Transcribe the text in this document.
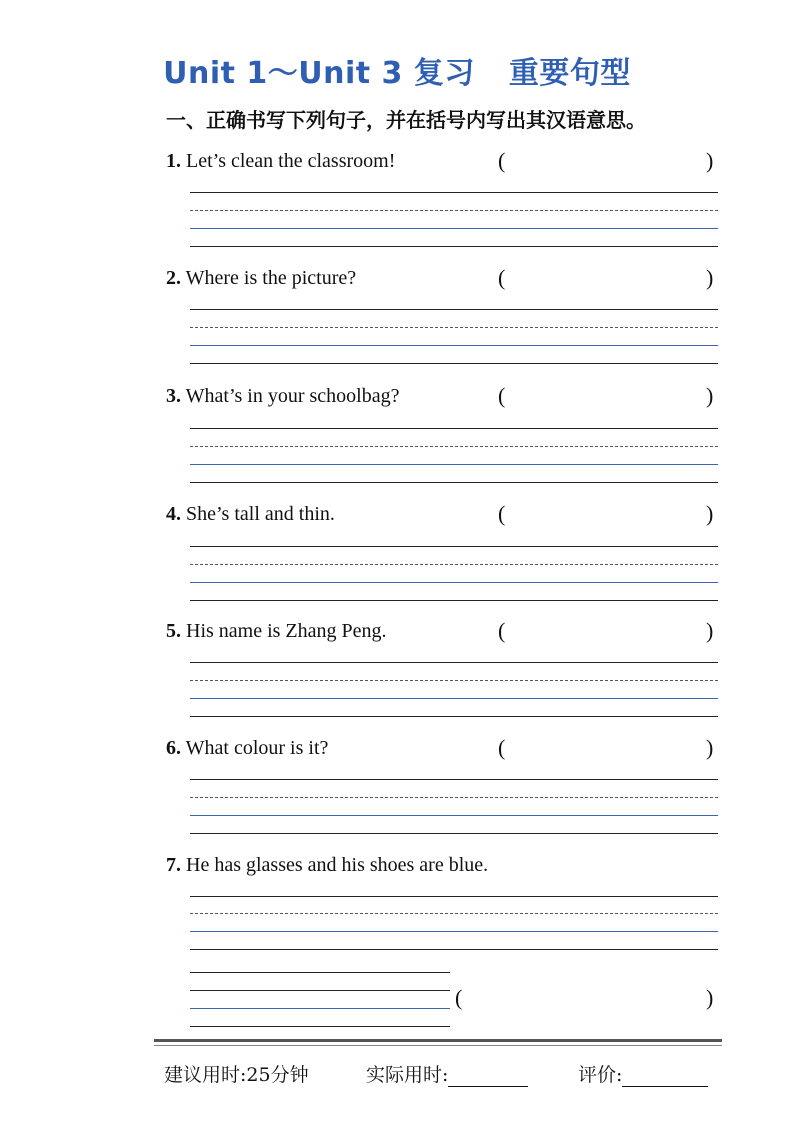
Unit 1～Unit 3 复习 重要句型
一、正确书写下列句子，并在括号内写出其汉语意思。
1. Let’s clean the classroom!	(	)
2. Where is the picture?	(	)
3. What’s in your schoolbag?	(	)
4. She’s tall and thin.	(	)
5. His name is Zhang Peng.	(	)
6. What colour is it?	(	)
7. He has glasses and his shoes are blue.
(	)
建议用时:25分钟	实际用时:	评价:
